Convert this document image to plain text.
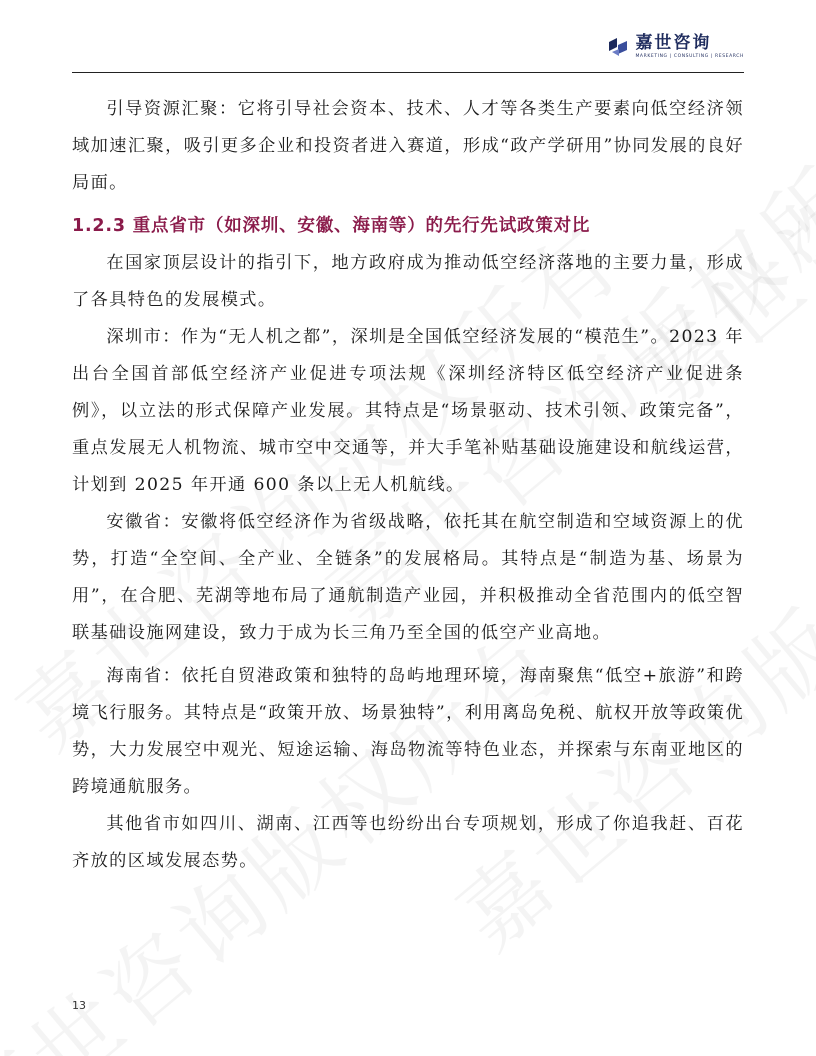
嘉世咨询
MARKETING | CONSULTING | RESEARCH

引导资源汇聚：它将引导社会资本、技术、人才等各类生产要素向低空经济领域加速汇聚，吸引更多企业和投资者进入赛道，形成“政产学研用”协同发展的良好局面。

1.2.3 重点省市（如深圳、安徽、海南等）的先行先试政策对比

在国家顶层设计的指引下，地方政府成为推动低空经济落地的主要力量，形成了各具特色的发展模式。

深圳市：作为“无人机之都”，深圳是全国低空经济发展的“模范生”。2023 年出台全国首部低空经济产业促进专项法规《深圳经济特区低空经济产业促进条例》，以立法的形式保障产业发展。其特点是“场景驱动、技术引领、政策完备”，重点发展无人机物流、城市空中交通等，并大手笔补贴基础设施建设和航线运营，计划到 2025 年开通 600 条以上无人机航线。

安徽省：安徽将低空经济作为省级战略，依托其在航空制造和空域资源上的优势，打造“全空间、全产业、全链条”的发展格局。其特点是“制造为基、场景为用”，在合肥、芜湖等地布局了通航制造产业园，并积极推动全省范围内的低空智联基础设施网建设，致力于成为长三角乃至全国的低空产业高地。

海南省：依托自贸港政策和独特的岛屿地理环境，海南聚焦“低空+旅游”和跨境飞行服务。其特点是“政策开放、场景独特”，利用离岛免税、航权开放等政策优势，大力发展空中观光、短途运输、海岛物流等特色业态，并探索与东南亚地区的跨境通航服务。

其他省市如四川、湖南、江西等也纷纷出台专项规划，形成了你追我赶、百花齐放的区域发展态势。

13
